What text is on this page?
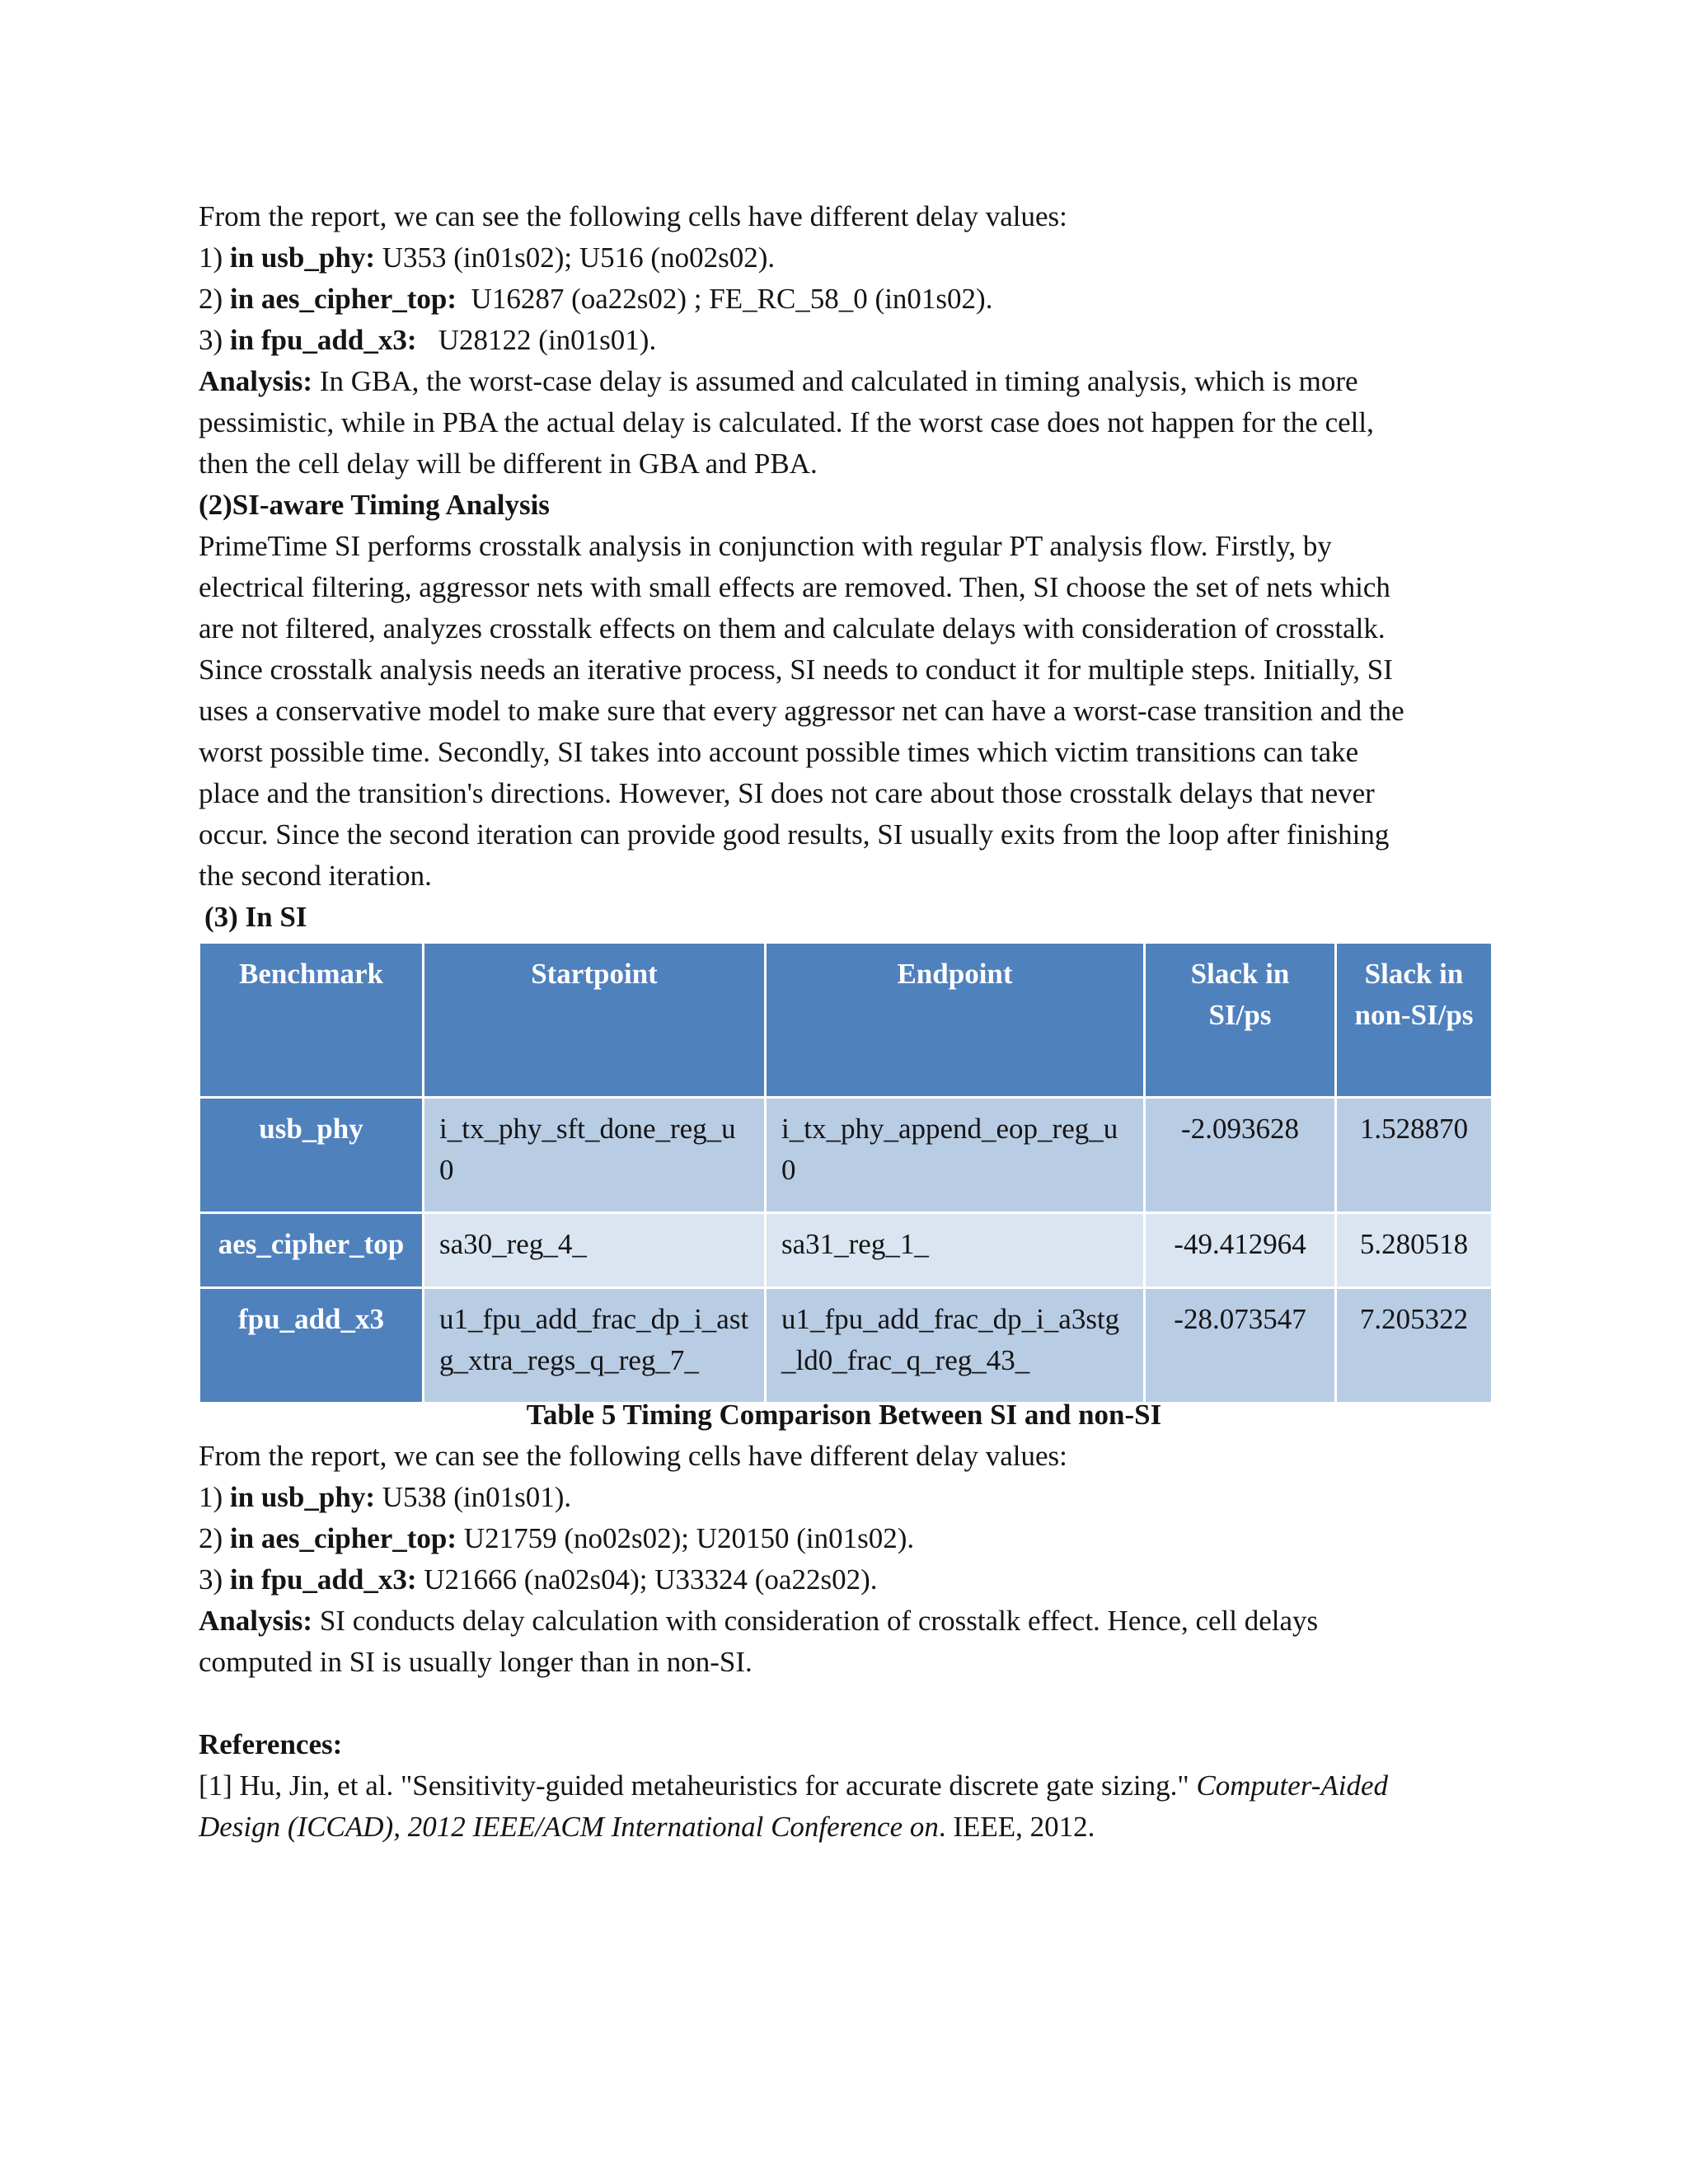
From the report, we can see the following cells have different delay values:
1) in usb_phy: U353 (in01s02); U516 (no02s02).
2) in aes_cipher_top: U16287 (oa22s02) ; FE_RC_58_0 (in01s02).
3) in fpu_add_x3: U28122 (in01s01).
Analysis: In GBA, the worst-case delay is assumed and calculated in timing analysis, which is more
pessimistic, while in PBA the actual delay is calculated. If the worst case does not happen for the cell,
then the cell delay will be different in GBA and PBA.
(2)SI-aware Timing Analysis
PrimeTime SI performs crosstalk analysis in conjunction with regular PT analysis flow. Firstly, by
electrical filtering, aggressor nets with small effects are removed. Then, SI choose the set of nets which
are not filtered, analyzes crosstalk effects on them and calculate delays with consideration of crosstalk.
Since crosstalk analysis needs an iterative process, SI needs to conduct it for multiple steps. Initially, SI
uses a conservative model to make sure that every aggressor net can have a worst-case transition and the
worst possible time. Secondly, SI takes into account possible times which victim transitions can take
place and the transition's directions. However, SI does not care about those crosstalk delays that never
occur. Since the second iteration can provide good results, SI usually exits from the loop after finishing
the second iteration.
(3) In SI
Benchmark	Startpoint	Endpoint	Slack in SI/ps	Slack in non-SI/ps
usb_phy	i_tx_phy_sft_done_reg_u0	i_tx_phy_append_eop_reg_u0	-2.093628	1.528870
aes_cipher_top	sa30_reg_4_	sa31_reg_1_	-49.412964	5.280518
fpu_add_x3	u1_fpu_add_frac_dp_i_astg_xtra_regs_q_reg_7_	u1_fpu_add_frac_dp_i_a3stg_ld0_frac_q_reg_43_	-28.073547	7.205322
Table 5 Timing Comparison Between SI and non-SI
From the report, we can see the following cells have different delay values:
1) in usb_phy: U538 (in01s01).
2) in aes_cipher_top: U21759 (no02s02); U20150 (in01s02).
3) in fpu_add_x3: U21666 (na02s04); U33324 (oa22s02).
Analysis: SI conducts delay calculation with consideration of crosstalk effect. Hence, cell delays
computed in SI is usually longer than in non-SI.
References:
[1] Hu, Jin, et al. "Sensitivity-guided metaheuristics for accurate discrete gate sizing." Computer-Aided
Design (ICCAD), 2012 IEEE/ACM International Conference on. IEEE, 2012.
